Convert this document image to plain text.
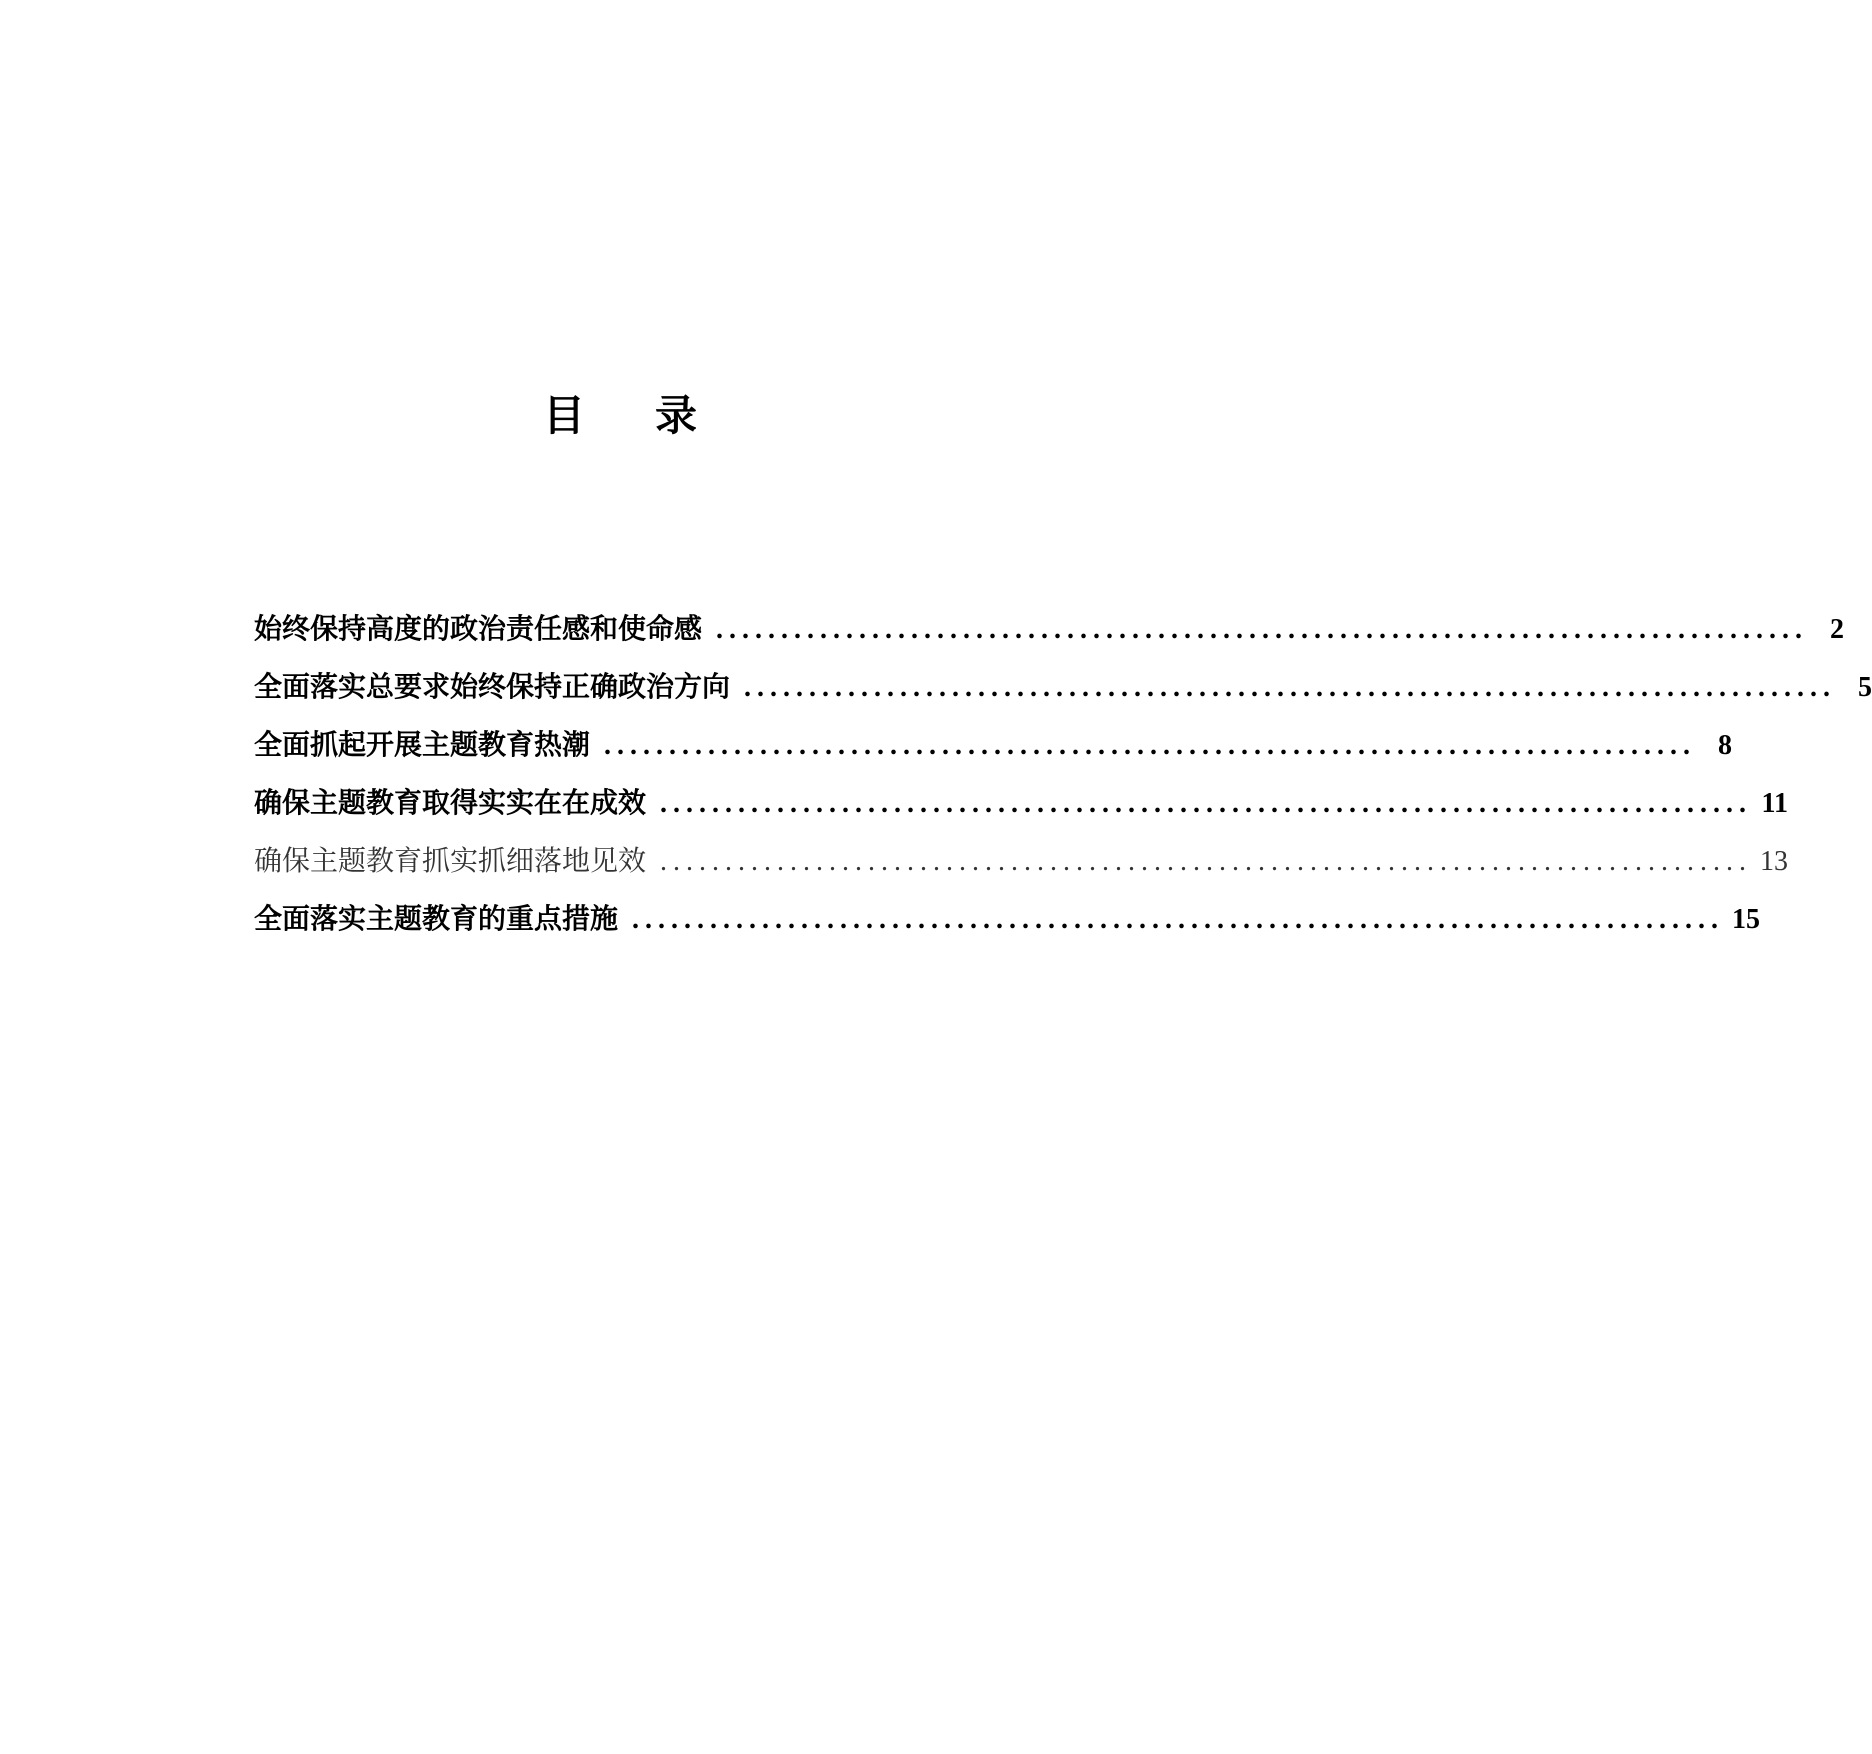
目 录
始终保持高度的政治责任感和使命感 .................................................................................... 2
全面落实总要求始终保持正确政治方向 .................................................................................... 5
全面抓起开展主题教育热潮 .................................................................................... 8
确保主题教育取得实实在在成效 .................................................................................... 11
确保主题教育抓实抓细落地见效 .................................................................................... 13
全面落实主题教育的重点措施 .................................................................................... 15
